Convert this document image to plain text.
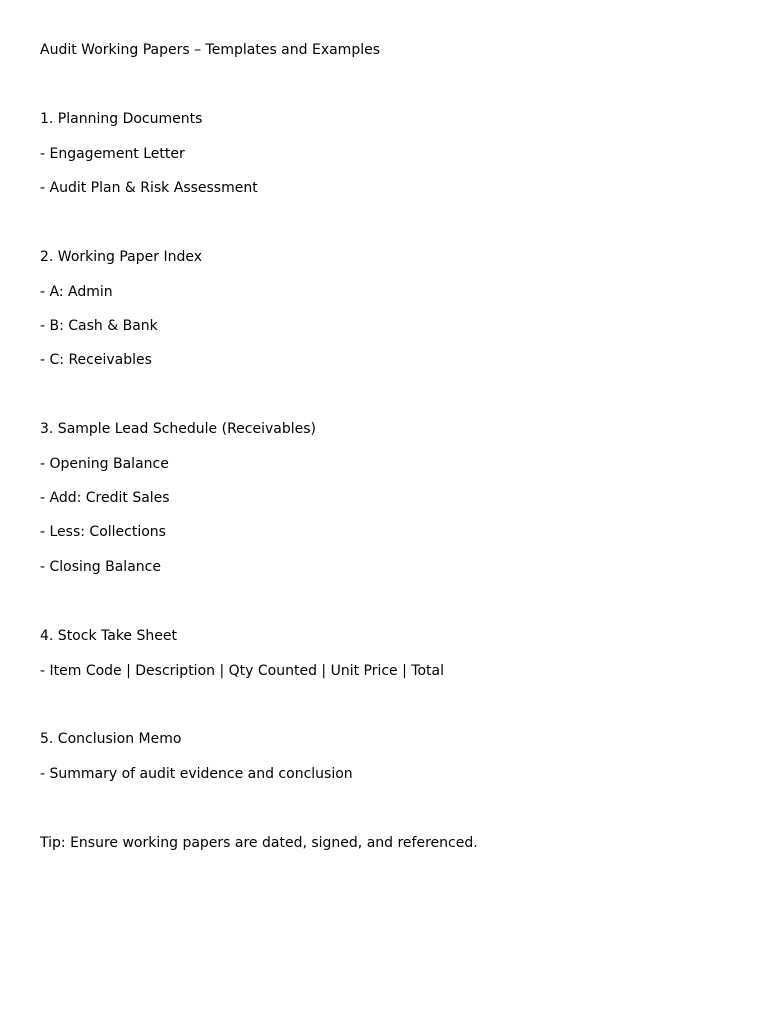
Audit Working Papers – Templates and Examples
1. Planning Documents
- Engagement Letter
- Audit Plan & Risk Assessment
2. Working Paper Index
- A: Admin
- B: Cash & Bank
- C: Receivables
3. Sample Lead Schedule (Receivables)
- Opening Balance
- Add: Credit Sales
- Less: Collections
- Closing Balance
4. Stock Take Sheet
- Item Code | Description | Qty Counted | Unit Price | Total
5. Conclusion Memo
- Summary of audit evidence and conclusion
Tip: Ensure working papers are dated, signed, and referenced.
